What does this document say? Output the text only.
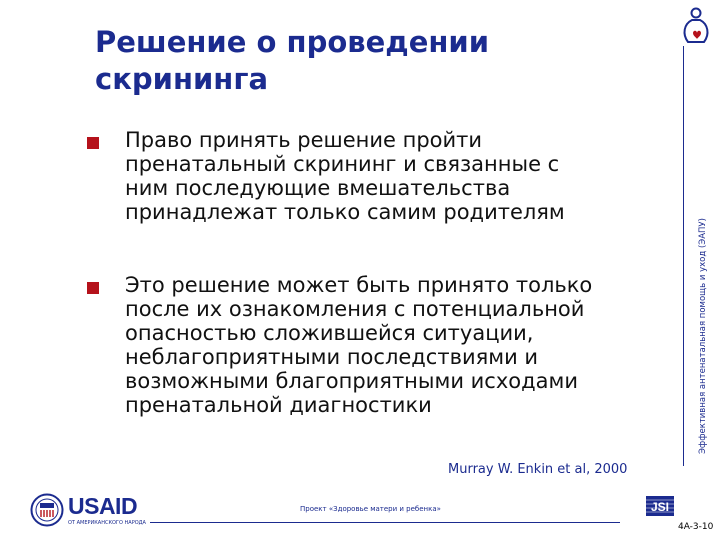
Решение о проведении
скрининга
Эффективная антенатальная помощь и уход (ЭАПУ)
Право принять решение пройти
пренатальный скрининг и связанные с
ним последующие вмешательства
принадлежат только самим родителям
Это решение может быть принято только
после их ознакомления с потенциальной
опасностью сложившейся ситуации,
неблагоприятными последствиями и
возможными благоприятными исходами
пренатальной диагностики
Murray W. Enkin et al, 2000
USAID
ОТ АМЕРИКАНСКОГО НАРОДА
Проект «Здоровье матери и ребенка»	JSI
4A-3-10
